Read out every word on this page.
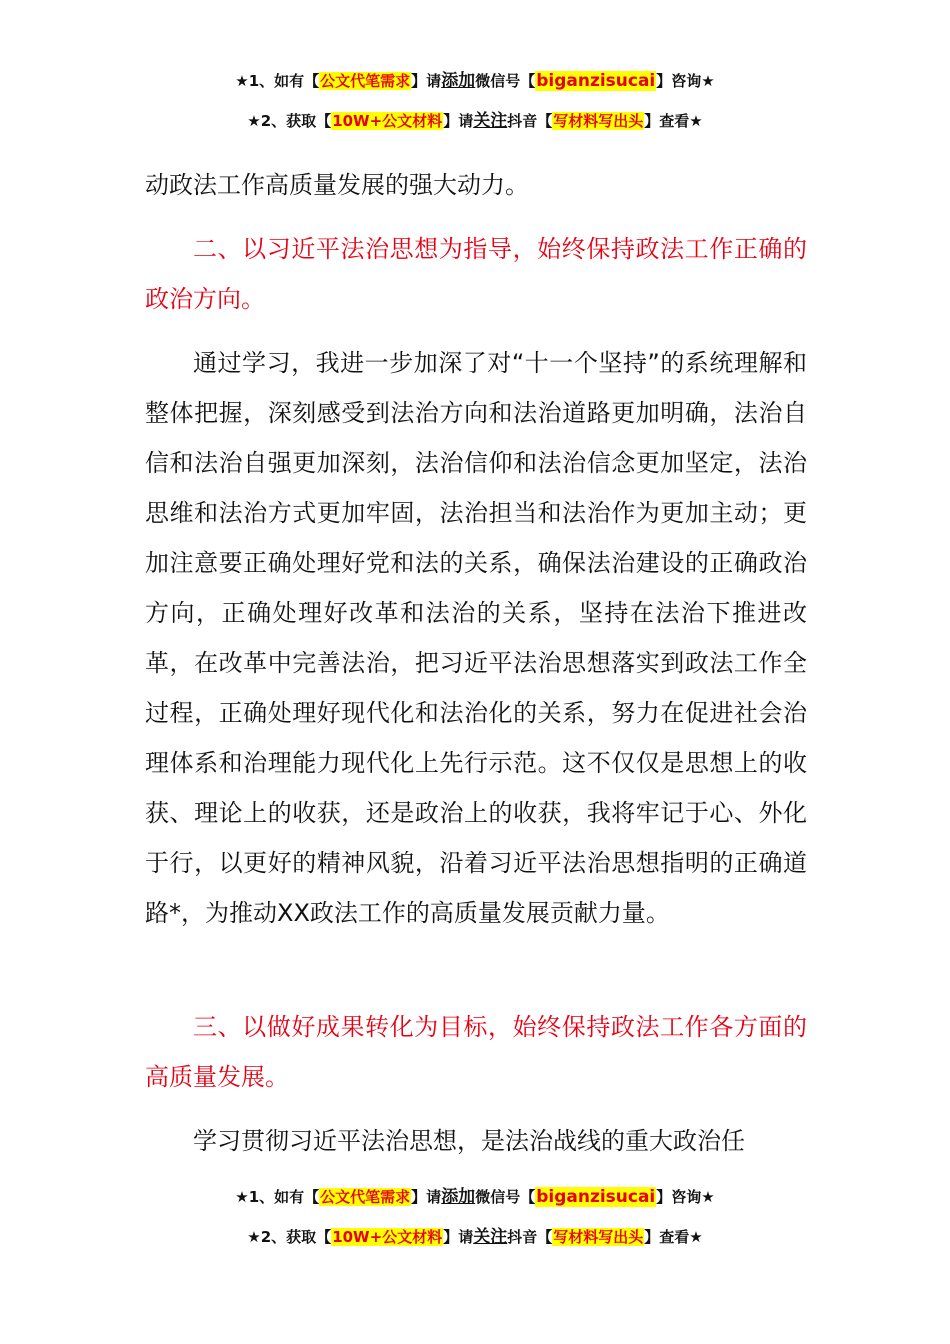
★1、如有【公文代笔需求】请添加微信号【biganzisucai】咨询★
★2、获取【10W+公文材料】请关注抖音【写材料写出头】查看★

动政法工作高质量发展的强大动力。

二、以习近平法治思想为指导，始终保持政法工作正确的政治方向。

通过学习，我进一步加深了对“十一个坚持”的系统理解和整体把握，深刻感受到法治方向和法治道路更加明确，法治自信和法治自强更加深刻，法治信仰和法治信念更加坚定，法治思维和法治方式更加牢固，法治担当和法治作为更加主动；更加注意要正确处理好党和法的关系，确保法治建设的正确政治方向，正确处理好改革和法治的关系，坚持在法治下推进改革，在改革中完善法治，把习近平法治思想落实到政法工作全过程，正确处理好现代化和法治化的关系，努力在促进社会治理体系和治理能力现代化上先行示范。这不仅仅是思想上的收获、理论上的收获，还是政治上的收获，我将牢记于心、外化于行，以更好的精神风貌，沿着习近平法治思想指明的正确道路*，为推动XX政法工作的高质量发展贡献力量。

三、以做好成果转化为目标，始终保持政法工作各方面的高质量发展。

学习贯彻习近平法治思想，是法治战线的重大政治任

★1、如有【公文代笔需求】请添加微信号【biganzisucai】咨询★
★2、获取【10W+公文材料】请关注抖音【写材料写出头】查看★
